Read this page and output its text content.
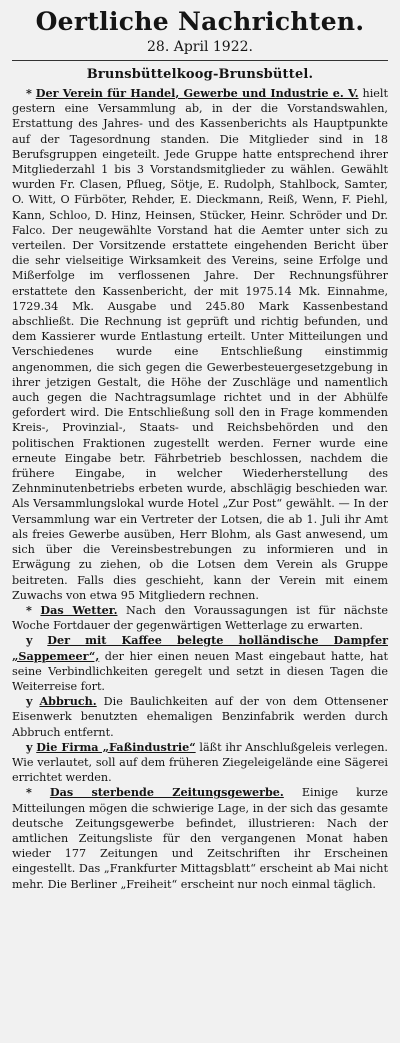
Oertliche Nachrichten.
28. April 1922.
Brunsbüttelkoog-Brunsbüttel.

* Der Verein für Handel, Gewerbe und Industrie e. V. hielt gestern eine Versammlung ab, in der die Vorstandswahlen, Erstattung des Jahres- und des Kassenberichts als Hauptpunkte auf der Tagesordnung standen. Die Mitglieder sind in 18 Berufsgruppen eingeteilt. Jede Gruppe hatte entsprechend ihrer Mitgliederzahl 1 bis 3 Vorstandsmitglieder zu wählen. Gewählt wurden Fr. Clasen, Pflueg, Sötje, E. Rudolph, Stahlbock, Samter, O. Witt, O Fürböter, Rehder, E. Dieckmann, Reiß, Wenn, F. Piehl, Kann, Schloo, D. Hinz, Heinsen, Stücker, Heinr. Schröder und Dr. Falco. Der neugewählte Vorstand hat die Aemter unter sich zu verteilen. Der Vorsitzende erstattete eingehenden Bericht über die sehr vielseitige Wirksamkeit des Vereins, seine Erfolge und Mißerfolge im verflossenen Jahre. Der Rechnungsführer erstattete den Kassenbericht, der mit 1975.14 Mk. Einnahme, 1729.34 Mk. Ausgabe und 245.80 Mark Kassenbestand abschließt. Die Rechnung ist geprüft und richtig befunden, und dem Kassierer wurde Entlastung erteilt. Unter Mitteilungen und Verschiedenes wurde eine Entschließung einstimmig angenommen, die sich gegen die Gewerbesteuergesetzgebung in ihrer jetzigen Gestalt, die Höhe der Zuschläge und namentlich auch gegen die Nachtragsumlage richtet und in der Abhülfe gefordert wird. Die Entschließung soll den in Frage kommenden Kreis-, Provinzial-, Staats- und Reichsbehörden und den politischen Fraktionen zugestellt werden. Ferner wurde eine erneute Eingabe betr. Fährbetrieb beschlossen, nachdem die frühere Eingabe, in welcher Wiederherstellung des Zehnminutenbetriebs erbeten wurde, abschlägig beschieden war. Als Versammlungslokal wurde Hotel „Zur Post“ gewählt. — In der Versammlung war ein Vertreter der Lotsen, die ab 1. Juli ihr Amt als freies Gewerbe ausüben, Herr Blohm, als Gast anwesend, um sich über die Vereinsbestrebungen zu informieren und in Erwägung zu ziehen, ob die Lotsen dem Verein als Gruppe beitreten. Falls dies geschieht, kann der Verein mit einem Zuwachs von etwa 95 Mitgliedern rechnen.

* Das Wetter. Nach den Voraussagungen ist für nächste Woche Fortdauer der gegenwärtigen Wetterlage zu erwarten.

y Der mit Kaffee belegte holländische Dampfer „Sappemeer“, der hier einen neuen Mast eingebaut hatte, hat seine Verbindlichkeiten geregelt und setzt in diesen Tagen die Weiterreise fort.

y Abbruch. Die Baulichkeiten auf der von dem Ottensener Eisenwerk benutzten ehemaligen Benzinfabrik werden durch Abbruch entfernt.

y Die Firma „Faßindustrie“ läßt ihr Anschlußgeleis verlegen. Wie verlautet, soll auf dem früheren Ziegeleigelände eine Sägerei errichtet werden.

* Das sterbende Zeitungsgewerbe. Einige kurze Mitteilungen mögen die schwierige Lage, in der sich das gesamte deutsche Zeitungsgewerbe befindet, illustrieren: Nach der amtlichen Zeitungsliste für den vergangenen Monat haben wieder 177 Zeitungen und Zeitschriften ihr Erscheinen eingestellt. Das „Frankfurter Mittagsblatt“ erscheint ab Mai nicht mehr. Die Berliner „Freiheit“ erscheint nur noch einmal täglich.
